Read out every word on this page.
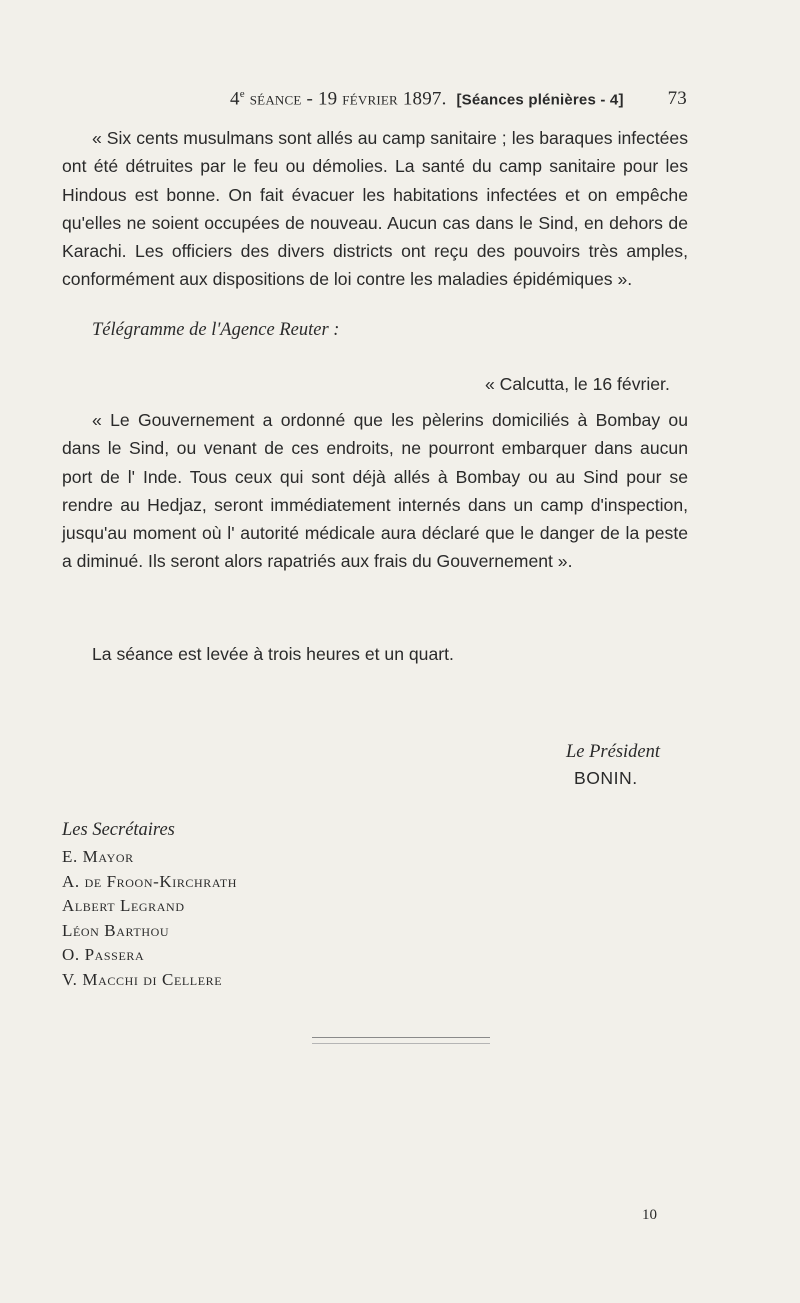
4e séance - 19 février 1897. [Séances plénières - 4] 73

« Six cents musulmans sont allés au camp sanitaire ; les baraques infectées ont été détruites par le feu ou démolies. La santé du camp sanitaire pour les Hindous est bonne. On fait évacuer les habitations infectées et on empêche qu'elles ne soient occupées de nouveau. Aucun cas dans le Sind, en dehors de Karachi. Les officiers des divers districts ont reçu des pouvoirs très amples, conformément aux dispositions de loi contre les maladies épidémiques ».

Télégramme de l'Agence Reuter :
« Calcutta, le 16 février.

« Le Gouvernement a ordonné que les pèlerins domiciliés à Bombay ou dans le Sind, ou venant de ces endroits, ne pourront embarquer dans aucun port de l' Inde. Tous ceux qui sont déjà allés à Bombay ou au Sind pour se rendre au Hedjaz, seront immédiatement internés dans un camp d'inspection, jusqu'au moment où l' autorité médicale aura déclaré que le danger de la peste a diminué. Ils seront alors rapatriés aux frais du Gouvernement ».

La séance est levée à trois heures et un quart.
Le Président
BONIN.
Les Secrétaires
E. Mayor
A. de Froon-Kirchrath
Albert Legrand
Léon Barthou
O. Passera
V. Macchi di Cellere
10
